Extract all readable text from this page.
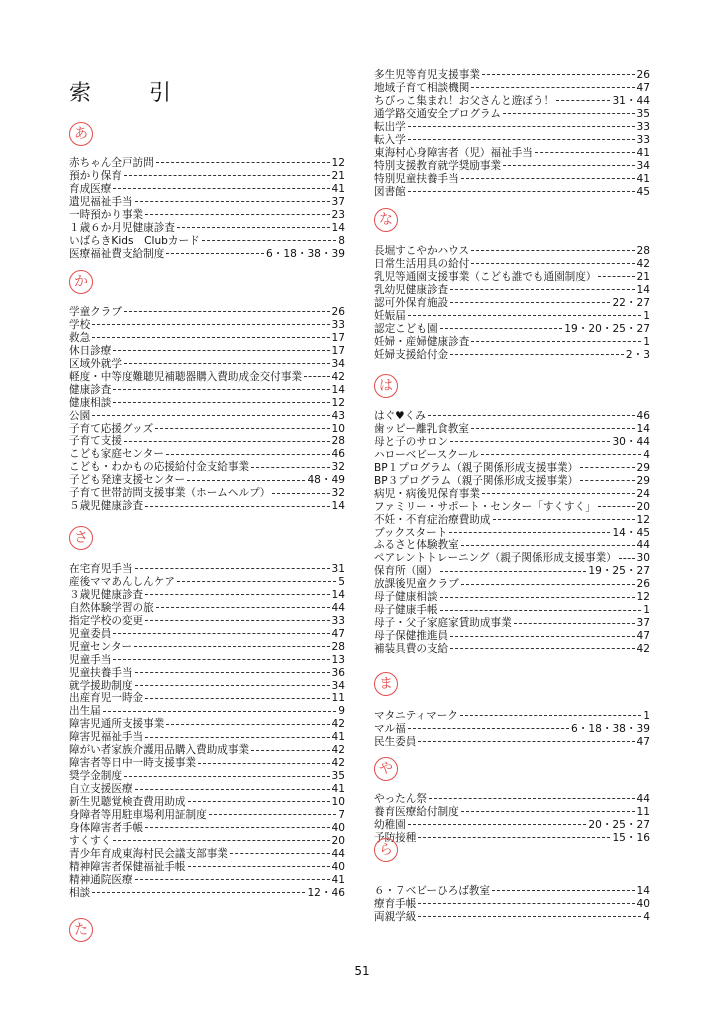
索　引
あ
赤ちゃん全戸訪問	12
預かり保育	21
育成医療	41
遺児福祉手当	37
一時預かり事業	23
１歳６か月児健康診査	14
いばらきKids　Clubカード	8
医療福祉費支給制度	6・18・38・39
か
学童クラブ	26
学校	33
救急	17
休日診療	17
区域外就学	34
軽度・中等度難聴児補聴器購入費助成金交付事業	42
健康診査	14
健康相談	12
公園	43
子育て応援グッズ	10
子育て支援	28
こども家庭センター	46
こども・わかもの応援給付金支給事業	32
子ども発達支援センター	48・49
子育て世帯訪問支援事業（ホームヘルプ）	32
５歳児健康診査	14
さ
在宅育児手当	31
産後ママあんしんケア	5
３歳児健康診査	14
自然体験学習の旅	44
指定学校の変更	33
児童委員	47
児童センター	28
児童手当	13
児童扶養手当	36
就学援助制度	34
出産育児一時金	11
出生届	9
障害児通所支援事業	42
障害児福祉手当	41
障がい者家族介護用品購入費助成事業	42
障害者等日中一時支援事業	42
奨学金制度	35
自立支援医療	41
新生児聴覚検査費用助成	10
身障者等用駐車場利用証制度	7
身体障害者手帳	40
すくすく	20
青少年育成東海村民会議支部事業	44
精神障害者保健福祉手帳	40
精神通院医療	41
相談	12・46
た
多生児等育児支援事業	26
地域子育て相談機関	47
ちびっこ集まれ！お父さんと遊ぼう！	31・44
通学路交通安全プログラム	35
転出学	33
転入学	33
東海村心身障害者（児）福祉手当	41
特別支援教育就学奨励事業	34
特別児童扶養手当	41
図書館	45
な
長堀すこやかハウス	28
日常生活用具の給付	42
乳児等通園支援事業（こども誰でも通園制度）	21
乳幼児健康診査	14
認可外保育施設	22・27
妊娠届	1
認定こども園	19・20・25・27
妊婦・産婦健康診査	1
妊婦支援給付金	2・3
は
はぐ♥くみ	46
歯ッピー離乳食教室	14
母と子のサロン	30・44
ハローベビースクール	4
BP１プログラム（親子関係形成支援事業）	29
BP３プログラム（親子関係形成支援事業）	29
病児・病後児保育事業	24
ファミリー・サポート・センター「すくすく」	20
不妊・不育症治療費助成	12
ブックスタート	14・45
ふるさと体験教室	44
ペアレントトレーニング（親子関係形成支援事業） 30
保育所（園）	19・25・27
放課後児童クラブ	26
母子健康相談	12
母子健康手帳	1
母子・父子家庭家賃助成事業	37
母子保健推進員	47
補装具費の支給	42
ま
マタニティマーク	1
マル福	6・18・38・39
民生委員	47
や
やったん祭	44
養育医療給付制度	11
幼稚園	20・25・27
予防接種	15・16
ら
６・７ベビーひろば教室	14
療育手帳	40
両親学級	4
51
